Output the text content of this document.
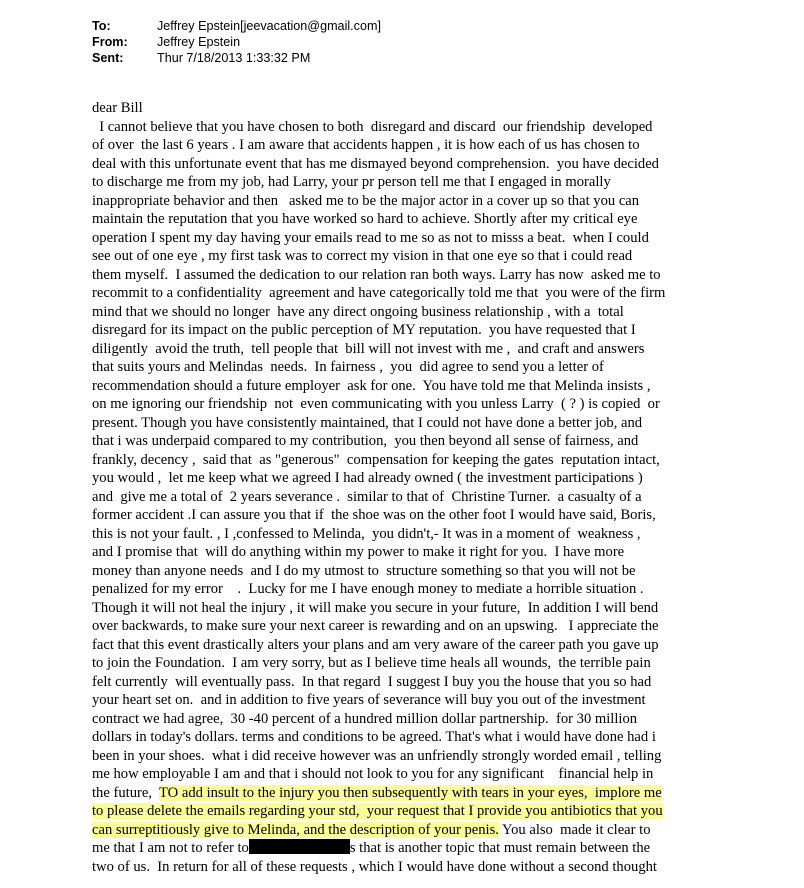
To:	Jeffrey Epstein[jeevacation@gmail.com]
From:	Jeffrey Epstein
Sent:	Thur 7/18/2013 1:33:32 PM
dear Bill
I cannot believe that you have chosen to both  disregard and discard  our friendship  developed
of over  the last 6 years . I am aware that accidents happen , it is how each of us has chosen to
deal with this unfortunate event that has me dismayed beyond comprehension.  you have decided
to discharge me from my job, had Larry, your pr person tell me that I engaged in morally
inappropriate behavior and then   asked me to be the major actor in a cover up so that you can
maintain the reputation that you have worked so hard to achieve. Shortly after my critical eye
operation I spent my day having your emails read to me so as not to misss a beat.  when I could
see out of one eye , my first task was to correct my vision in that one eye so that i could read
them myself.  I assumed the dedication to our relation ran both ways. Larry has now  asked me to
recommit to a confidentiality  agreement and have categorically told me that  you were of the firm
mind that we should no longer  have any direct ongoing business relationship , with a  total
disregard for its impact on the public perception of MY reputation.  you have requested that I
diligently  avoid the truth,  tell people that  bill will not invest with me ,  and craft and answers
that suits yours and Melindas  needs.  In fairness ,  you  did agree to send you a letter of
recommendation should a future employer  ask for one.  You have told me that Melinda insists ,
on me ignoring our friendship  not  even communicating with you unless Larry  ( ? ) is copied  or
present. Though you have consistently maintained, that I could not have done a better job, and
that i was underpaid compared to my contribution,  you then beyond all sense of fairness, and
frankly, decency ,  said that  as "generous"  compensation for keeping the gates  reputation intact,
you would ,  let me keep what we agreed I had already owned ( the investment participations )
and  give me a total of  2 years severance .  similar to that of  Christine Turner.  a casualty of a
former accident .I can assure you that if  the shoe was on the other foot I would have said, Boris,
this is not your fault. , I ,confessed to Melinda,  you didn't,- It was in a moment of  weakness ,
and I promise that  will do anything within my power to make it right for you.  I have more
money than anyone needs  and I do my utmost to  structure something so that you will not be
penalized for my error    .  Lucky for me I have enough money to mediate a horrible situation .
Though it will not heal the injury , it will make you secure in your future,  In addition I will bend
over backwards, to make sure your next career is rewarding and on an upswing.   I appreciate the
fact that this event drastically alters your plans and am very aware of the career path you gave up
to join the Foundation.  I am very sorry, but as I believe time heals all wounds,  the terrible pain
felt currently  will eventually pass.  In that regard  I suggest I buy you the house that you so had
your heart set on.  and in addition to five years of severance will buy you out of the investment
contract we had agree,  30 -40 percent of a hundred million dollar partnership.  for 30 million
dollars in today's dollars. terms and conditions to be agreed. That's what i would have done had i
been in your shoes.  what i did receive however was an unfriendly strongly worded email , telling
me how employable I am and that i should not look to you for any significant    financial help in
the future,  TO add insult to the injury you then subsequently with tears in your eyes,  implore me
to please delete the emails regarding your std,  your request that I provide you antibiotics that you
can surreptitiously give to Melinda, and the description of your penis. You also  made it clear to
me that I am not to refer to	s that is another topic that must remain between the
two of us.  In return for all of these requests , which I would have done without a second thought
